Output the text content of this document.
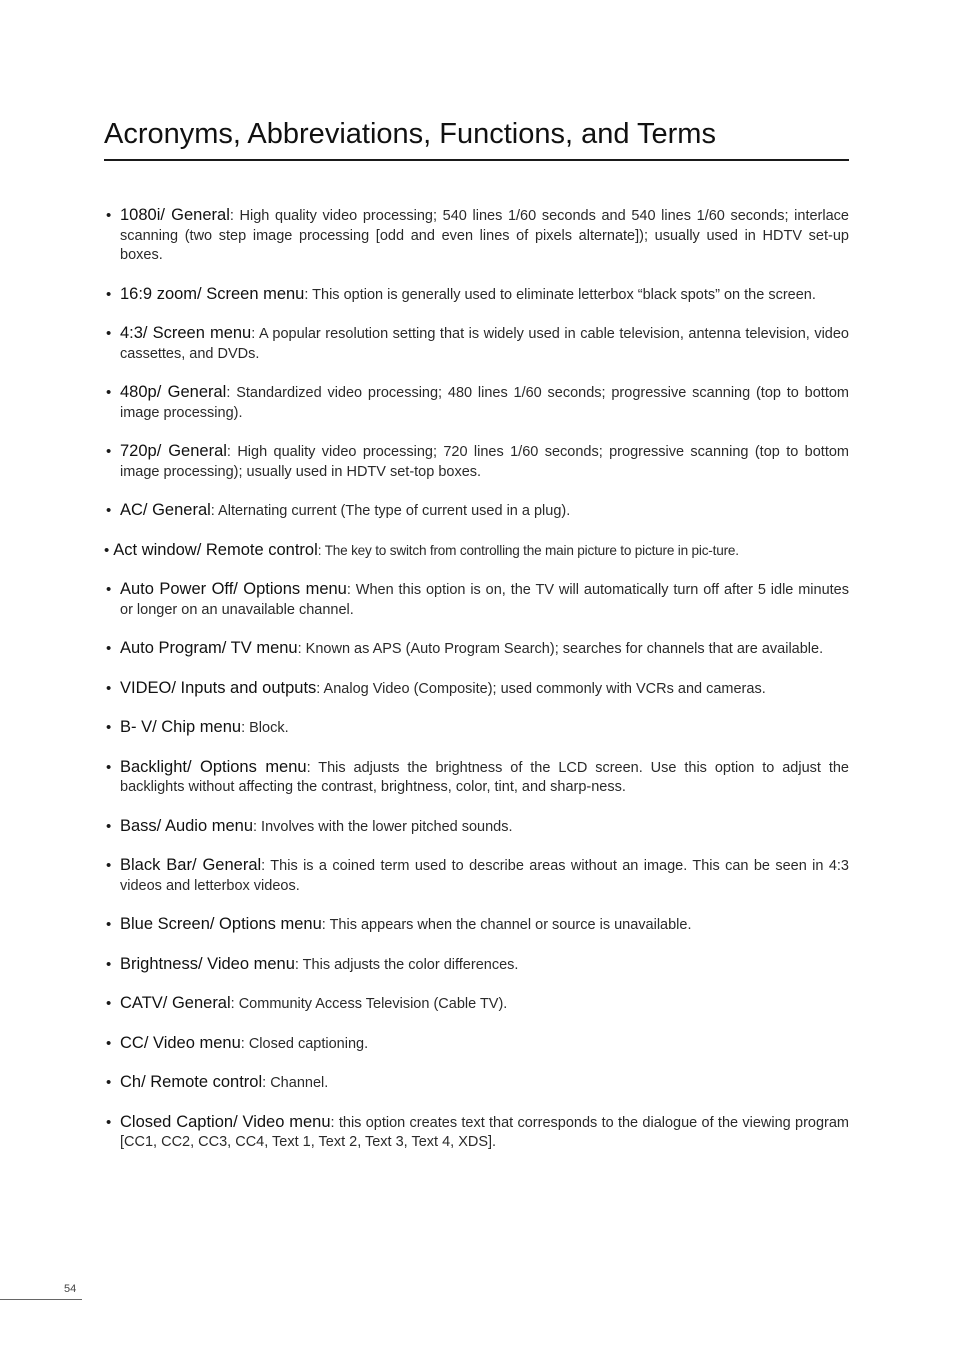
Acronyms, Abbreviations, Functions, and Terms
• 1080i/ General: High quality video processing; 540 lines 1/60 seconds and 540 lines 1/60 seconds; interlace scanning (two step image processing [odd and even lines of pixels alternate]); usually used in HDTV set-up boxes.
• 16:9 zoom/ Screen menu: This option is generally used to eliminate letterbox “black spots” on the screen.
• 4:3/ Screen menu: A popular resolution setting that is widely used in cable television, antenna television, video cassettes, and DVDs.
• 480p/ General: Standardized video processing; 480 lines 1/60 seconds; progressive scanning (top to bottom image processing).
• 720p/ General: High quality video processing; 720 lines 1/60 seconds; progressive scanning (top to bottom image processing); usually used in HDTV set-top boxes.
• AC/ General: Alternating current (The type of current used in a plug).
• Act window/ Remote control: The key to switch from controlling the main picture to picture in pic-ture.
• Auto Power Off/ Options menu: When this option is on, the TV will automatically turn off after 5 idle minutes or longer on an unavailable channel.
• Auto Program/ TV menu: Known as APS (Auto Program Search); searches for channels that are available.
• VIDEO/ Inputs and outputs: Analog Video (Composite); used commonly with VCRs and cameras.
• B- V/ Chip menu: Block.
• Backlight/ Options menu: This adjusts the brightness of the LCD screen. Use this option to adjust the backlights without affecting the contrast, brightness, color, tint, and sharp-ness.
• Bass/ Audio menu: Involves with the lower pitched sounds.
• Black Bar/ General: This is a coined term used to describe areas without an image. This can be seen in 4:3 videos and letterbox videos.
• Blue Screen/ Options menu: This appears when the channel or source is unavailable.
• Brightness/ Video menu: This adjusts the color differences.
• CATV/ General: Community Access Television (Cable TV).
• CC/ Video menu: Closed captioning.
• Ch/ Remote control: Channel.
• Closed Caption/ Video menu: this option creates text that corresponds to the dialogue of the viewing program [CC1, CC2, CC3, CC4, Text 1, Text 2, Text 3, Text 4, XDS].
54
